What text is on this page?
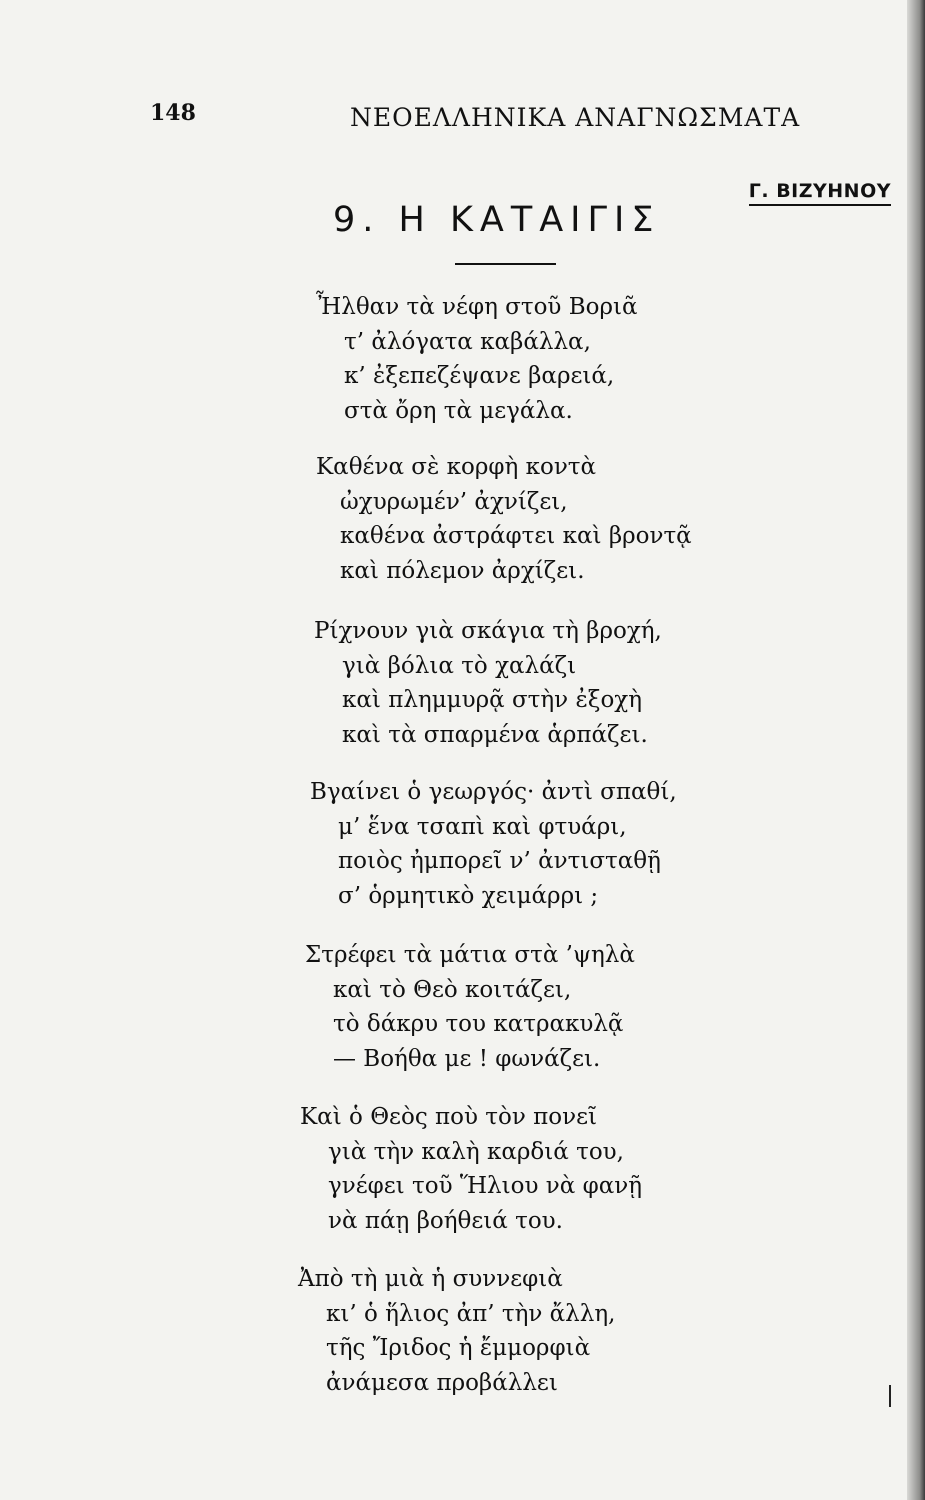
148	ΝΕΟΕΛΛΗΝΙΚΑ ΑΝΑΓΝΩΣΜΑΤΑ
Γ. ΒΙΖΥΗΝΟΥ
9. Η ΚΑΤΑΙΓΙΣ
Ἦλθαν τὰ νέφη στοῦ Βοριᾶ
τ’ ἀλόγατα καβάλλα,
κ’ ἐξεπεζέψανε βαρειά,
στὰ ὄρη τὰ μεγάλα.
Καθένα σὲ κορφὴ κοντὰ
ὠχυρωμέν’ ἀχνίζει,
καθένα ἀστράφτει καὶ βροντᾷ
καὶ πόλεμον ἀρχίζει.
Ρίχνουν γιὰ σκάγια τὴ βροχή,
γιὰ βόλια τὸ χαλάζι
καὶ πλημμυρᾷ στὴν ἐξοχὴ
καὶ τὰ σπαρμένα ἁρπάζει.
Βγαίνει ὁ γεωργός· ἀντὶ σπαθί,
μ’ ἕνα τσαπὶ καὶ φτυάρι,
ποιὸς ἠμπορεῖ ν’ ἀντισταθῇ
σ’ ὁρμητικὸ χειμάρρι ;
Στρέφει τὰ μάτια στὰ ’ψηλὰ
καὶ τὸ Θεὸ κοιτάζει,
τὸ δάκρυ του κατρακυλᾷ
— Βοήθα με ! φωνάζει.
Καὶ ὁ Θεὸς ποὺ τὸν πονεῖ
γιὰ τὴν καλὴ καρδιά του,
γνέφει τοῦ Ἥλιου νὰ φανῇ
νὰ πάῃ βοήθειά του.
Ἀπὸ τὴ μιὰ ἡ συννεφιὰ
κι’ ὁ ἥλιος ἀπ’ τὴν ἄλλη,
τῆς Ἴριδος ἡ ἔμμορφιὰ
ἀνάμεσα προβάλλει
